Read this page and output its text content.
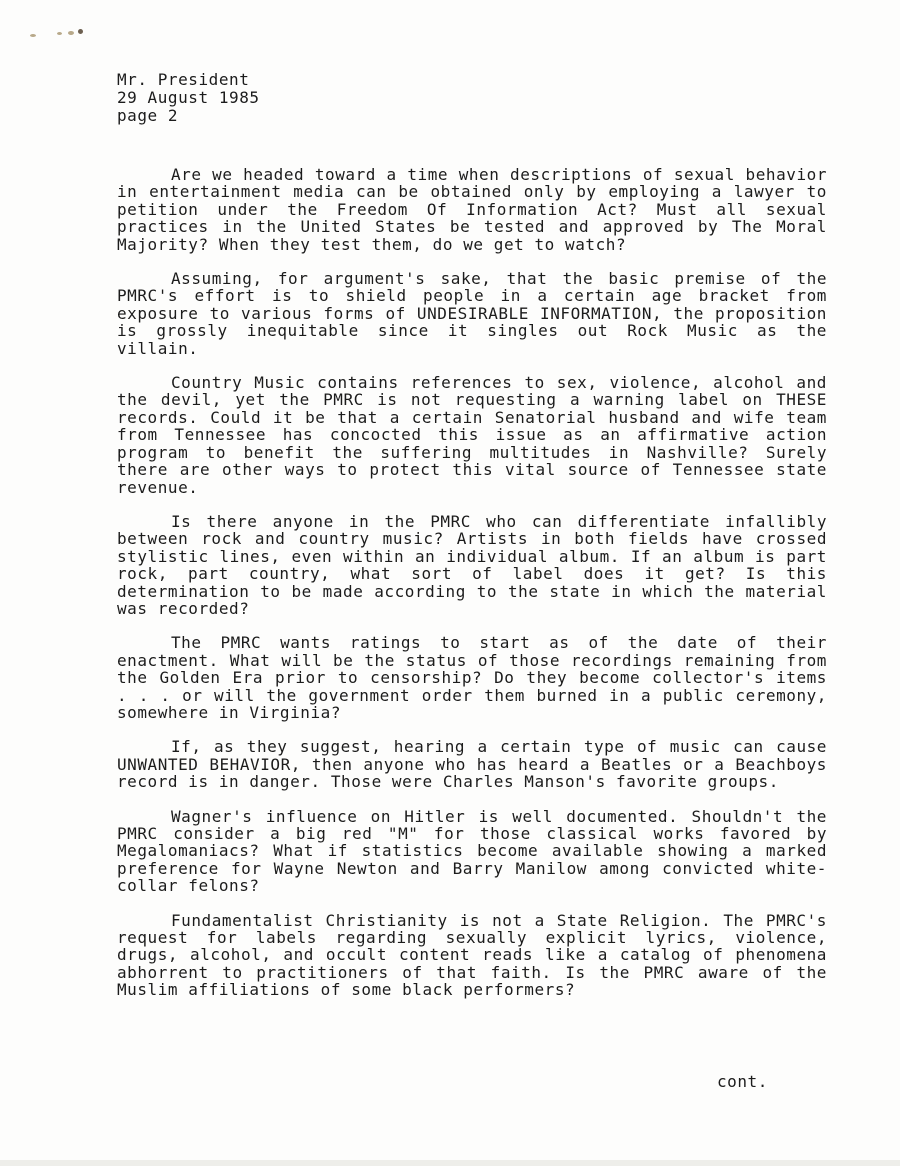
Mr. President
29 August 1985
page 2

Are we headed toward a time when descriptions of sexual behavior in entertainment media can be obtained only by employing a lawyer to petition under the Freedom Of Information Act? Must all sexual practices in the United States be tested and approved by The Moral Majority? When they test them, do we get to watch?

Assuming, for argument's sake, that the basic premise of the PMRC's effort is to shield people in a certain age bracket from exposure to various forms of UNDESIRABLE INFORMATION, the proposition is grossly inequitable since it singles out Rock Music as the villain.

Country Music contains references to sex, violence, alcohol and the devil, yet the PMRC is not requesting a warning label on THESE records. Could it be that a certain Senatorial husband and wife team from Tennessee has concocted this issue as an affirmative action program to benefit the suffering multitudes in Nashville? Surely there are other ways to protect this vital source of Tennessee state revenue.

Is there anyone in the PMRC who can differentiate infallibly between rock and country music? Artists in both fields have crossed stylistic lines, even within an individual album. If an album is part rock, part country, what sort of label does it get? Is this determination to be made according to the state in which the material was recorded?

The PMRC wants ratings to start as of the date of their enactment. What will be the status of those recordings remaining from the Golden Era prior to censorship? Do they become collector's items . . . or will the government order them burned in a public ceremony, somewhere in Virginia?

If, as they suggest, hearing a certain type of music can cause UNWANTED BEHAVIOR, then anyone who has heard a Beatles or a Beachboys record is in danger. Those were Charles Manson's favorite groups.

Wagner's influence on Hitler is well documented. Shouldn't the PMRC consider a big red "M" for those classical works favored by Megalomaniacs? What if statistics become available showing a marked preference for Wayne Newton and Barry Manilow among convicted white-collar felons?

Fundamentalist Christianity is not a State Religion. The PMRC's request for labels regarding sexually explicit lyrics, violence, drugs, alcohol, and occult content reads like a catalog of phenomena abhorrent to practitioners of that faith. Is the PMRC aware of the Muslim affiliations of some black performers?

cont.
